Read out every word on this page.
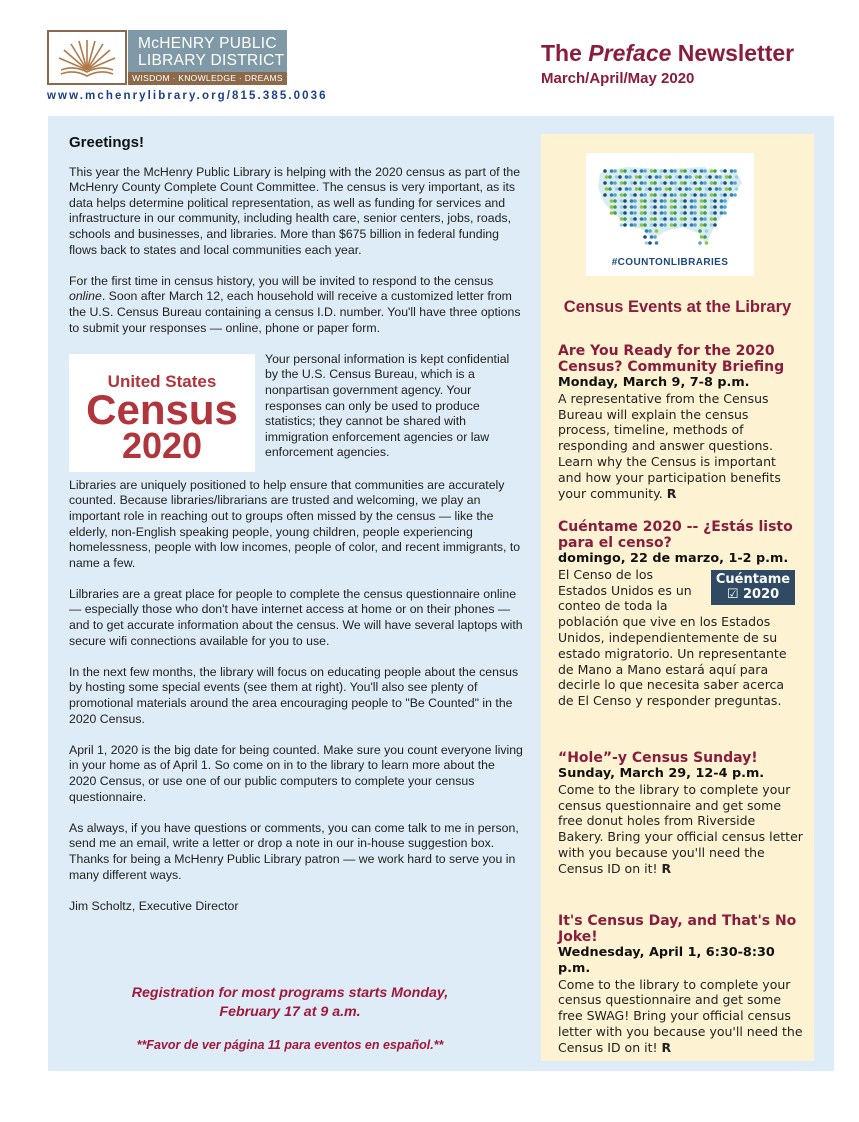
McHENRY PUBLIC
LIBRARY DISTRICT
WISDOM · KNOWLEDGE · DREAMS
www.mchenrylibrary.org/815.385.0036
The Preface Newsletter
March/April/May 2020
Greetings!

This year the McHenry Public Library is helping with the 2020 census as part of the McHenry County Complete Count Committee. The census is very important, as its data helps determine political representation, as well as funding for services and infrastructure in our community, including health care, senior centers, jobs, roads, schools and businesses, and libraries. More than $675 billion in federal funding flows back to states and local communities each year.

For the first time in census history, you will be invited to respond to the census online. Soon after March 12, each household will receive a customized letter from the U.S. Census Bureau containing a census I.D. number. You'll have three options to submit your responses — online, phone or paper form.

United States
Census
2020

Your personal information is kept confidential by the U.S. Census Bureau, which is a nonpartisan government agency. Your responses can only be used to produce statistics; they cannot be shared with immigration enforcement agencies or law enforcement agencies.

Libraries are uniquely positioned to help ensure that communities are accurately counted. Because libraries/librarians are trusted and welcoming, we play an important role in reaching out to groups often missed by the census — like the elderly, non-English speaking people, young children, people experiencing homelessness, people with low incomes, people of color, and recent immigrants, to name a few.

Lilbraries are a great place for people to complete the census questionnaire online — especially those who don't have internet access at home or on their phones — and to get accurate information about the census. We will have several laptops with secure wifi connections available for you to use.

In the next few months, the library will focus on educating people about the census by hosting some special events (see them at right). You'll also see plenty of promotional materials around the area encouraging people to "Be Counted" in the 2020 Census.

April 1, 2020 is the big date for being counted. Make sure you count everyone living in your home as of April 1. So come on in to the library to learn more about the 2020 Census, or use one of our public computers to complete your census questionnaire.

As always, if you have questions or comments, you can come talk to me in person, send me an email, write a letter or drop a note in our in-house suggestion box. Thanks for being a McHenry Public Library patron — we work hard to serve you in many different ways.

Jim Scholtz, Executive Director

Registration for most programs starts Monday,
February 17 at 9 a.m.
**Favor de ver página 11 para eventos en español.**
#COUNTONLIBRARIES
Census Events at the Library
Are You Ready for the 2020 Census? Community Briefing
Monday, March 9, 7-8 p.m.

A representative from the Census Bureau will explain the census process, timeline, methods of responding and answer questions. Learn why the Census is important and how your participation benefits your community. R

Cuéntame 2020 -- ¿Estás listo para el censo?
domingo, 22 de marzo, 1-2 p.m.
Cuéntame
☑ 2020

El Censo de los Estados Unidos es un conteo de toda la población que vive en los Estados Unidos, independientemente de su estado migratorio. Un representante de Mano a Mano estará aquí para decirle lo que necesita saber acerca de El Censo y responder preguntas.

“Hole”-y Census Sunday!
Sunday, March 29, 12-4 p.m.

Come to the library to complete your census questionnaire and get some free donut holes from Riverside Bakery. Bring your official census letter with you because you'll need the Census ID on it! R

It's Census Day, and That's No Joke!
Wednesday, April 1, 6:30-8:30 p.m.

Come to the library to complete your census questionnaire and get some free SWAG! Bring your official census letter with you because you'll need the Census ID on it! R
